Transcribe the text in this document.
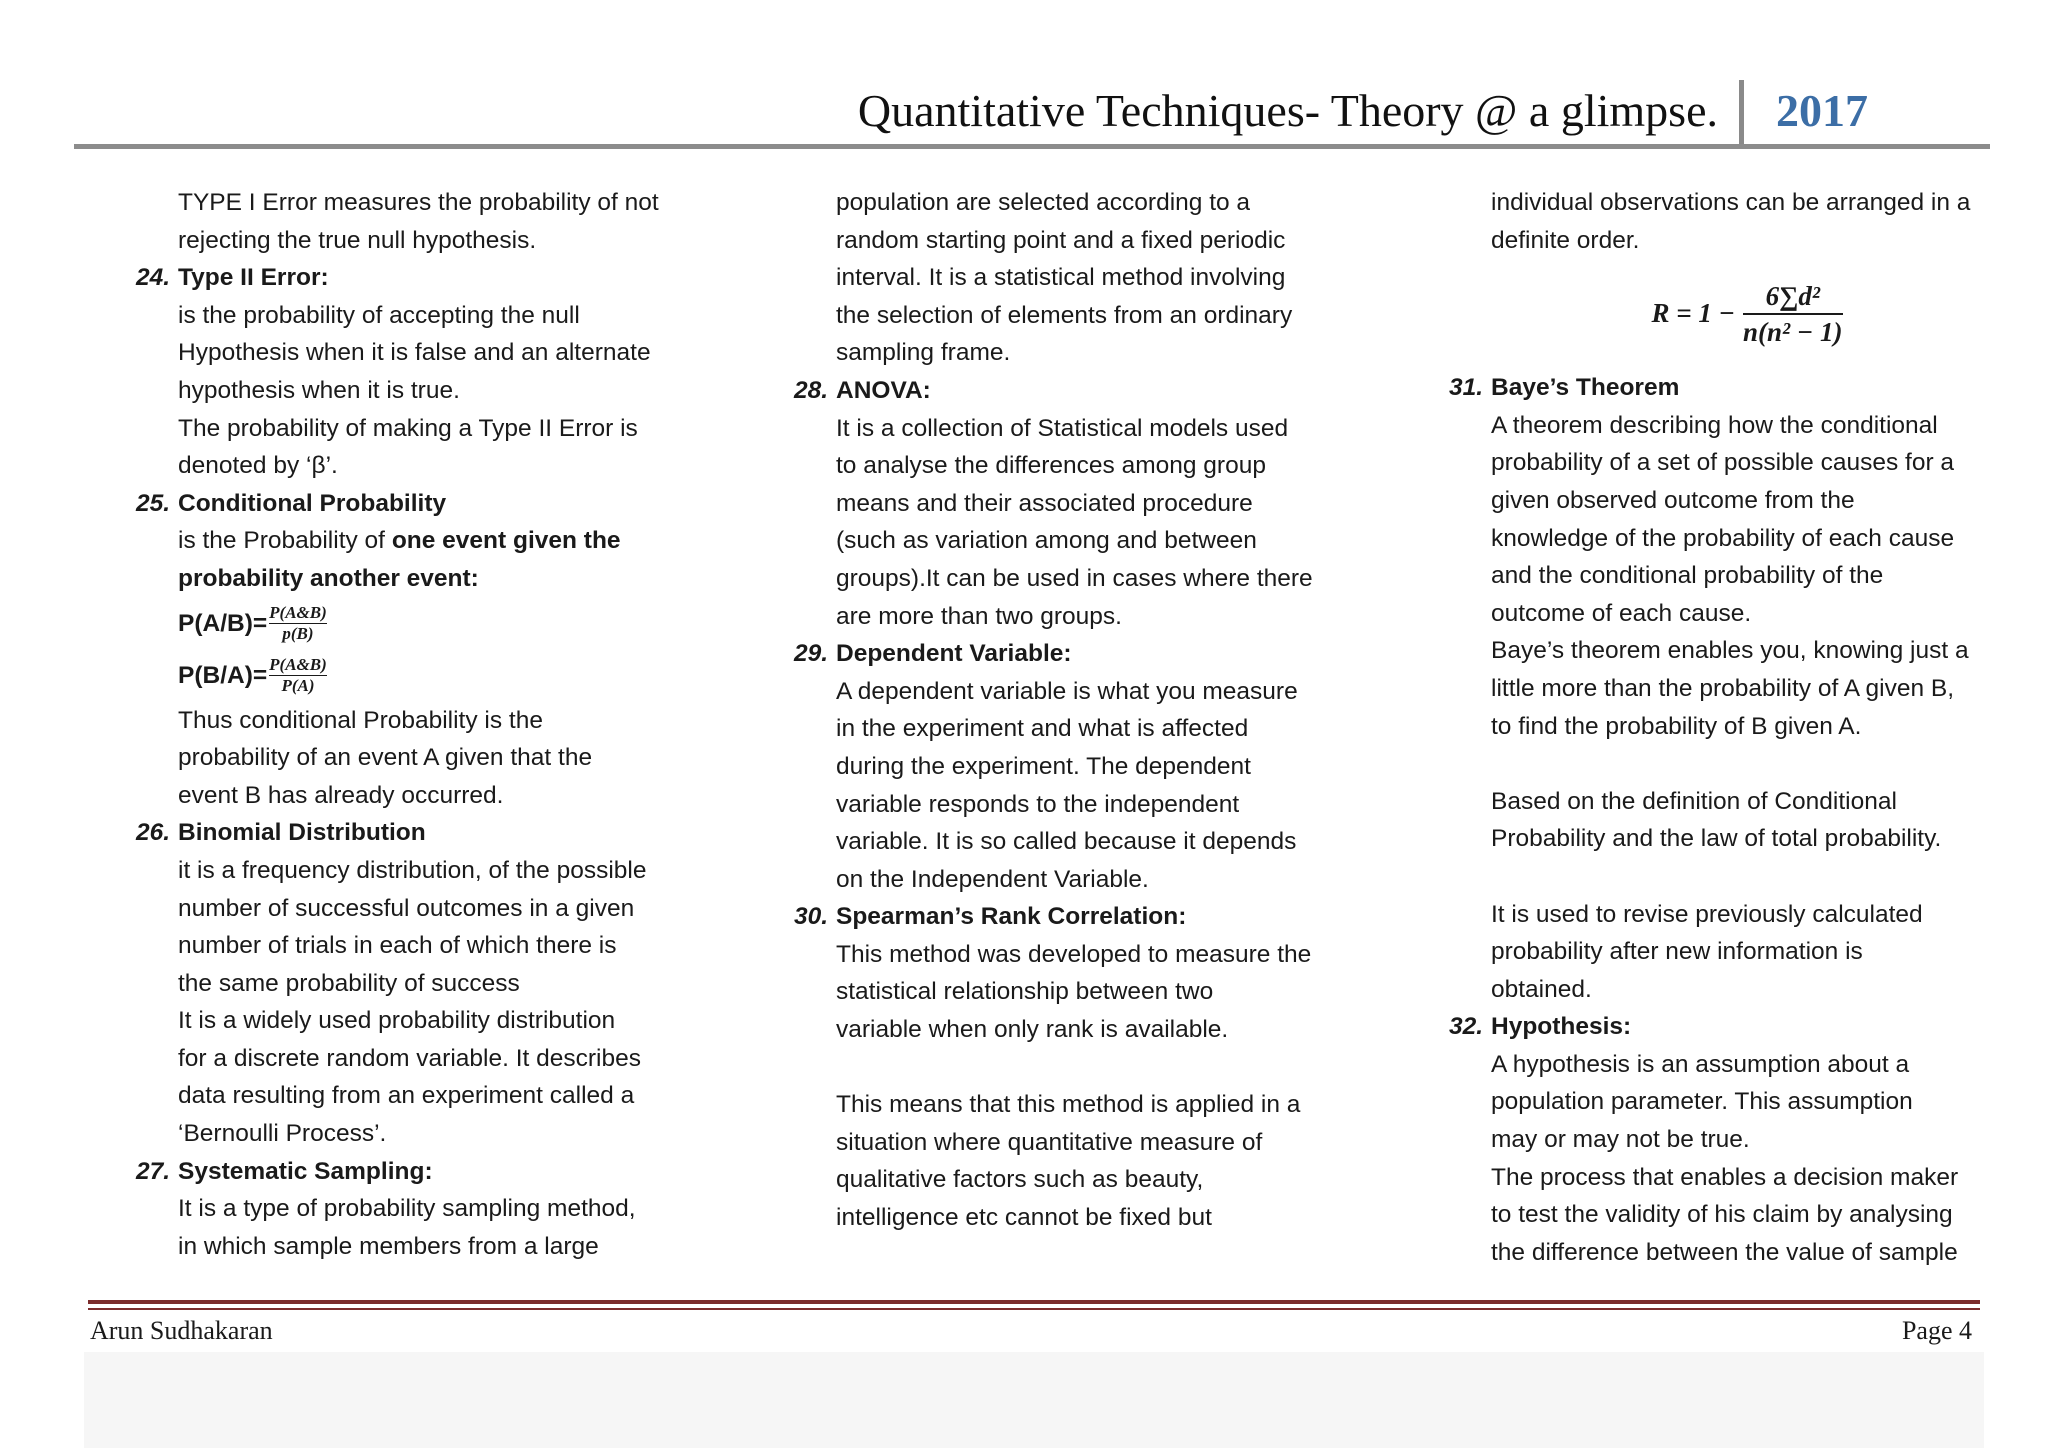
Quantitative Techniques- Theory @ a glimpse. 2017
TYPE I Error measures the probability of not
rejecting the true null hypothesis.
24. Type II Error:
is the probability of accepting the null
Hypothesis when it is false and an alternate
hypothesis when it is true.
The probability of making a Type II Error is
denoted by ‘β’.
25. Conditional Probability
is the Probability of one event given the
probability another event:
$P(A/B)= \frac{P(A\&B)}{p(B)}$
$P(B/A)= \frac{P(A\&B)}{P(A)}$
Thus conditional Probability is the
probability of an event A given that the
event B has already occurred.
26. Binomial Distribution
it is a frequency distribution, of the possible
number of successful outcomes in a given
number of trials in each of which there is
the same probability of success
It is a widely used probability distribution
for a discrete random variable. It describes
data resulting from an experiment called a
‘Bernoulli Process’.
27. Systematic Sampling:
It is a type of probability sampling method,
in which sample members from a large
population are selected according to a
random starting point and a fixed periodic
interval. It is a statistical method involving
the selection of elements from an ordinary
sampling frame.
28. ANOVA:
It is a collection of Statistical models used
to analyse the differences among group
means and their associated procedure
(such as variation among and between
groups).It can be used in cases where there
are more than two groups.
29. Dependent Variable:
A dependent variable is what you measure
in the experiment and what is affected
during the experiment. The dependent
variable responds to the independent
variable. It is so called because it depends
on the Independent Variable.
30. Spearman’s Rank Correlation:
This method was developed to measure the
statistical relationship between two
variable when only rank is available.
This means that this method is applied in a
situation where quantitative measure of
qualitative factors such as beauty,
intelligence etc cannot be fixed but
individual observations can be arranged in a
definite order.
R = 1 −
6∑d²
n(n² − 1)
31. Baye’s Theorem
A theorem describing how the conditional
probability of a set of possible causes for a
given observed outcome from the
knowledge of the probability of each cause
and the conditional probability of the
outcome of each cause.
Baye’s theorem enables you, knowing just a
little more than the probability of A given B,
to find the probability of B given A.
Based on the definition of Conditional
Probability and the law of total probability.
It is used to revise previously calculated
probability after new information is
obtained.
32. Hypothesis:
A hypothesis is an assumption about a
population parameter. This assumption
may or may not be true.
The process that enables a decision maker
to test the validity of his claim by analysing
the difference between the value of sample
Arun Sudhakaran	Page 4
